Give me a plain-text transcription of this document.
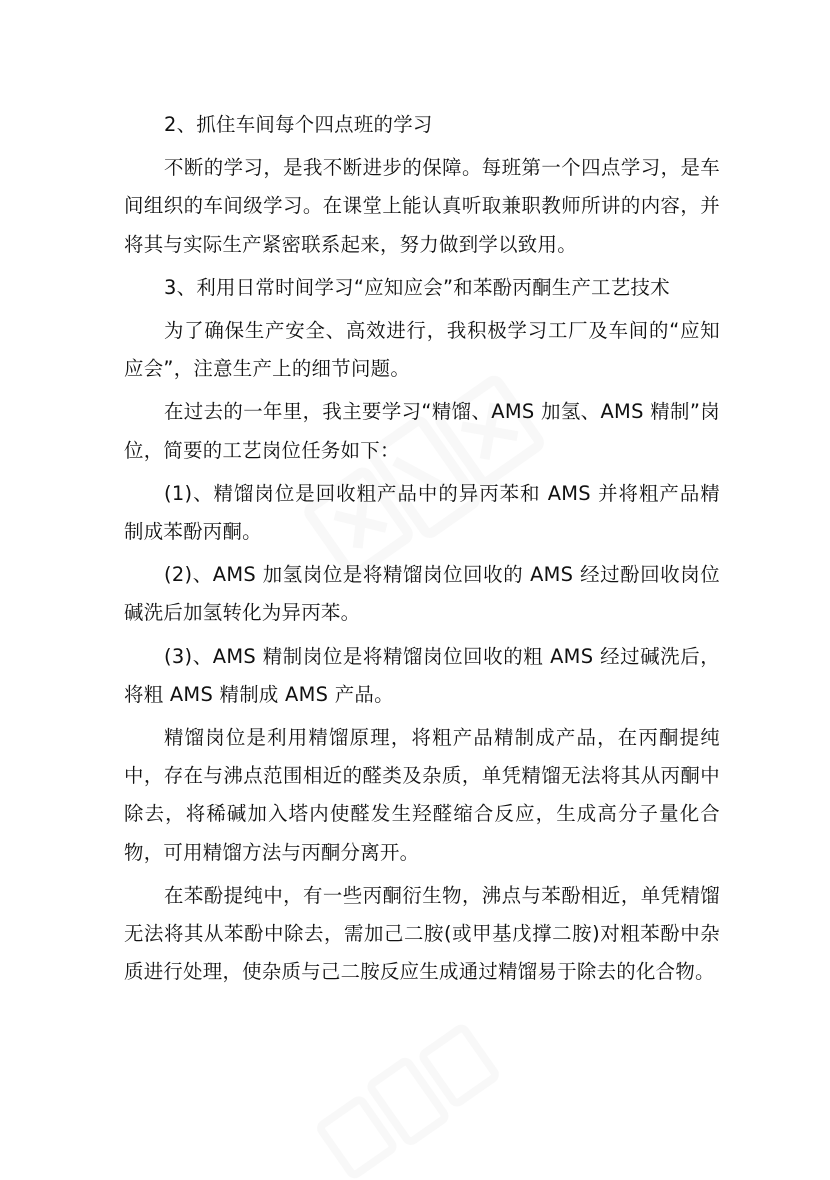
2、抓住车间每个四点班的学习

不断的学习，是我不断进步的保障。每班第一个四点学习，是车间组织的车间级学习。在课堂上能认真听取兼职教师所讲的内容，并将其与实际生产紧密联系起来，努力做到学以致用。

3、利用日常时间学习“应知应会”和苯酚丙酮生产工艺技术

为了确保生产安全、高效进行，我积极学习工厂及车间的“应知应会”，注意生产上的细节问题。

在过去的一年里，我主要学习“精馏、AMS 加氢、AMS 精制”岗位，简要的工艺岗位任务如下：

(1)、精馏岗位是回收粗产品中的异丙苯和 AMS 并将粗产品精制成苯酚丙酮。

(2)、AMS 加氢岗位是将精馏岗位回收的 AMS 经过酚回收岗位碱洗后加氢转化为异丙苯。

(3)、AMS 精制岗位是将精馏岗位回收的粗 AMS 经过碱洗后，将粗 AMS 精制成 AMS 产品。

精馏岗位是利用精馏原理，将粗产品精制成产品，在丙酮提纯中，存在与沸点范围相近的醛类及杂质，单凭精馏无法将其从丙酮中除去，将稀碱加入塔内使醛发生羟醛缩合反应，生成高分子量化合物，可用精馏方法与丙酮分离开。

在苯酚提纯中，有一些丙酮衍生物，沸点与苯酚相近，单凭精馏无法将其从苯酚中除去，需加己二胺(或甲基戊撑二胺)对粗苯酚中杂质进行处理，使杂质与己二胺反应生成通过精馏易于除去的化合物。
